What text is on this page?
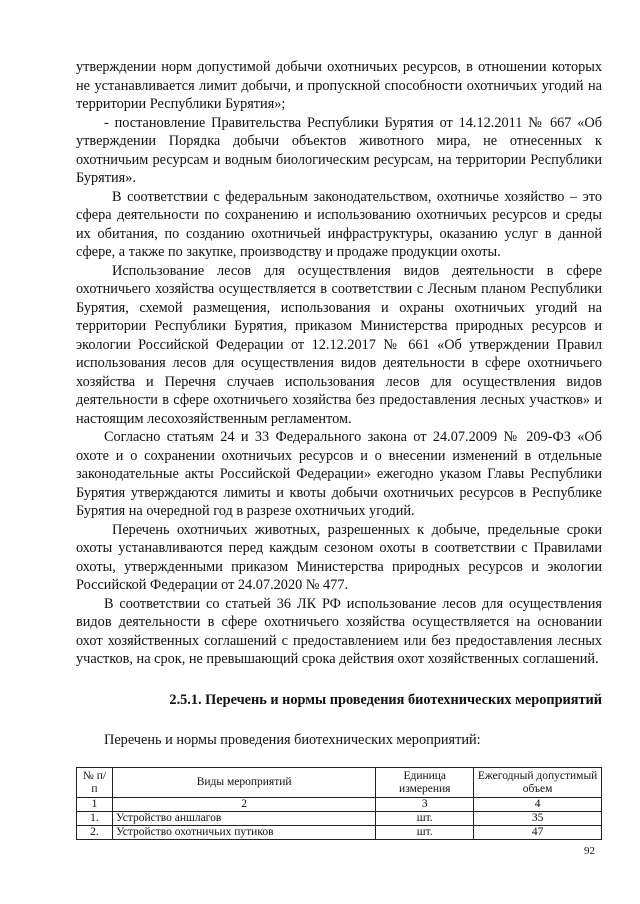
утверждении норм допустимой добычи охотничьих ресурсов, в отношении которых не устанавливается лимит добычи, и пропускной способности охотничьих угодий на территории Республики Бурятия»;

- постановление Правительства Республики Бурятия от 14.12.2011 № 667 «Об утверждении Порядка добычи объектов животного мира, не отнесенных к охотничьим ресурсам и водным биологическим ресурсам, на территории Республики Бурятия».

В соответствии с федеральным законодательством, охотничье хозяйство – это сфера деятельности по сохранению и использованию охотничьих ресурсов и среды их обитания, по созданию охотничьей инфраструктуры, оказанию услуг в данной сфере, а также по закупке, производству и продаже продукции охоты.

Использование лесов для осуществления видов деятельности в сфере охотничьего хозяйства осуществляется в соответствии с Лесным планом Республики Бурятия, схемой размещения, использования и охраны охотничьих угодий на территории Республики Бурятия, приказом Министерства природных ресурсов и экологии Российской Федерации от 12.12.2017 № 661 «Об утверждении Правил использования лесов для осуществления видов деятельности в сфере охотничьего хозяйства и Перечня случаев использования лесов для осуществления видов деятельности в сфере охотничьего хозяйства без предоставления лесных участков» и настоящим лесохозяйственным регламентом.

Согласно статьям 24 и 33 Федерального закона от 24.07.2009 № 209-ФЗ «Об охоте и о сохранении охотничьих ресурсов и о внесении изменений в отдельные законодательные акты Российской Федерации» ежегодно указом Главы Республики Бурятия утверждаются лимиты и квоты добычи охотничьих ресурсов в Республике Бурятия на очередной год в разрезе охотничьих угодий.

Перечень охотничьих животных, разрешенных к добыче, предельные сроки охоты устанавливаются перед каждым сезоном охоты в соответствии с Правилами охоты, утвержденными приказом Министерства природных ресурсов и экологии Российской Федерации от 24.07.2020 № 477.

В соответствии со статьей 36 ЛК РФ использование лесов для осуществления видов деятельности в сфере охотничьего хозяйства осуществляется на основании охот хозяйственных соглашений с предоставлением или без предоставления лесных участков, на срок, не превышающий срока действия охот хозяйственных соглашений.

2.5.1. Перечень и нормы проведения биотехнических мероприятий

Перечень и нормы проведения биотехнических мероприятий:

№ п/п	Виды мероприятий	Единица измерения	Ежегодный допустимый объем
1	2	3	4
1.	Устройство аншлагов	шт.	35
2.	Устройство охотничьих путиков	шт.	47
92
